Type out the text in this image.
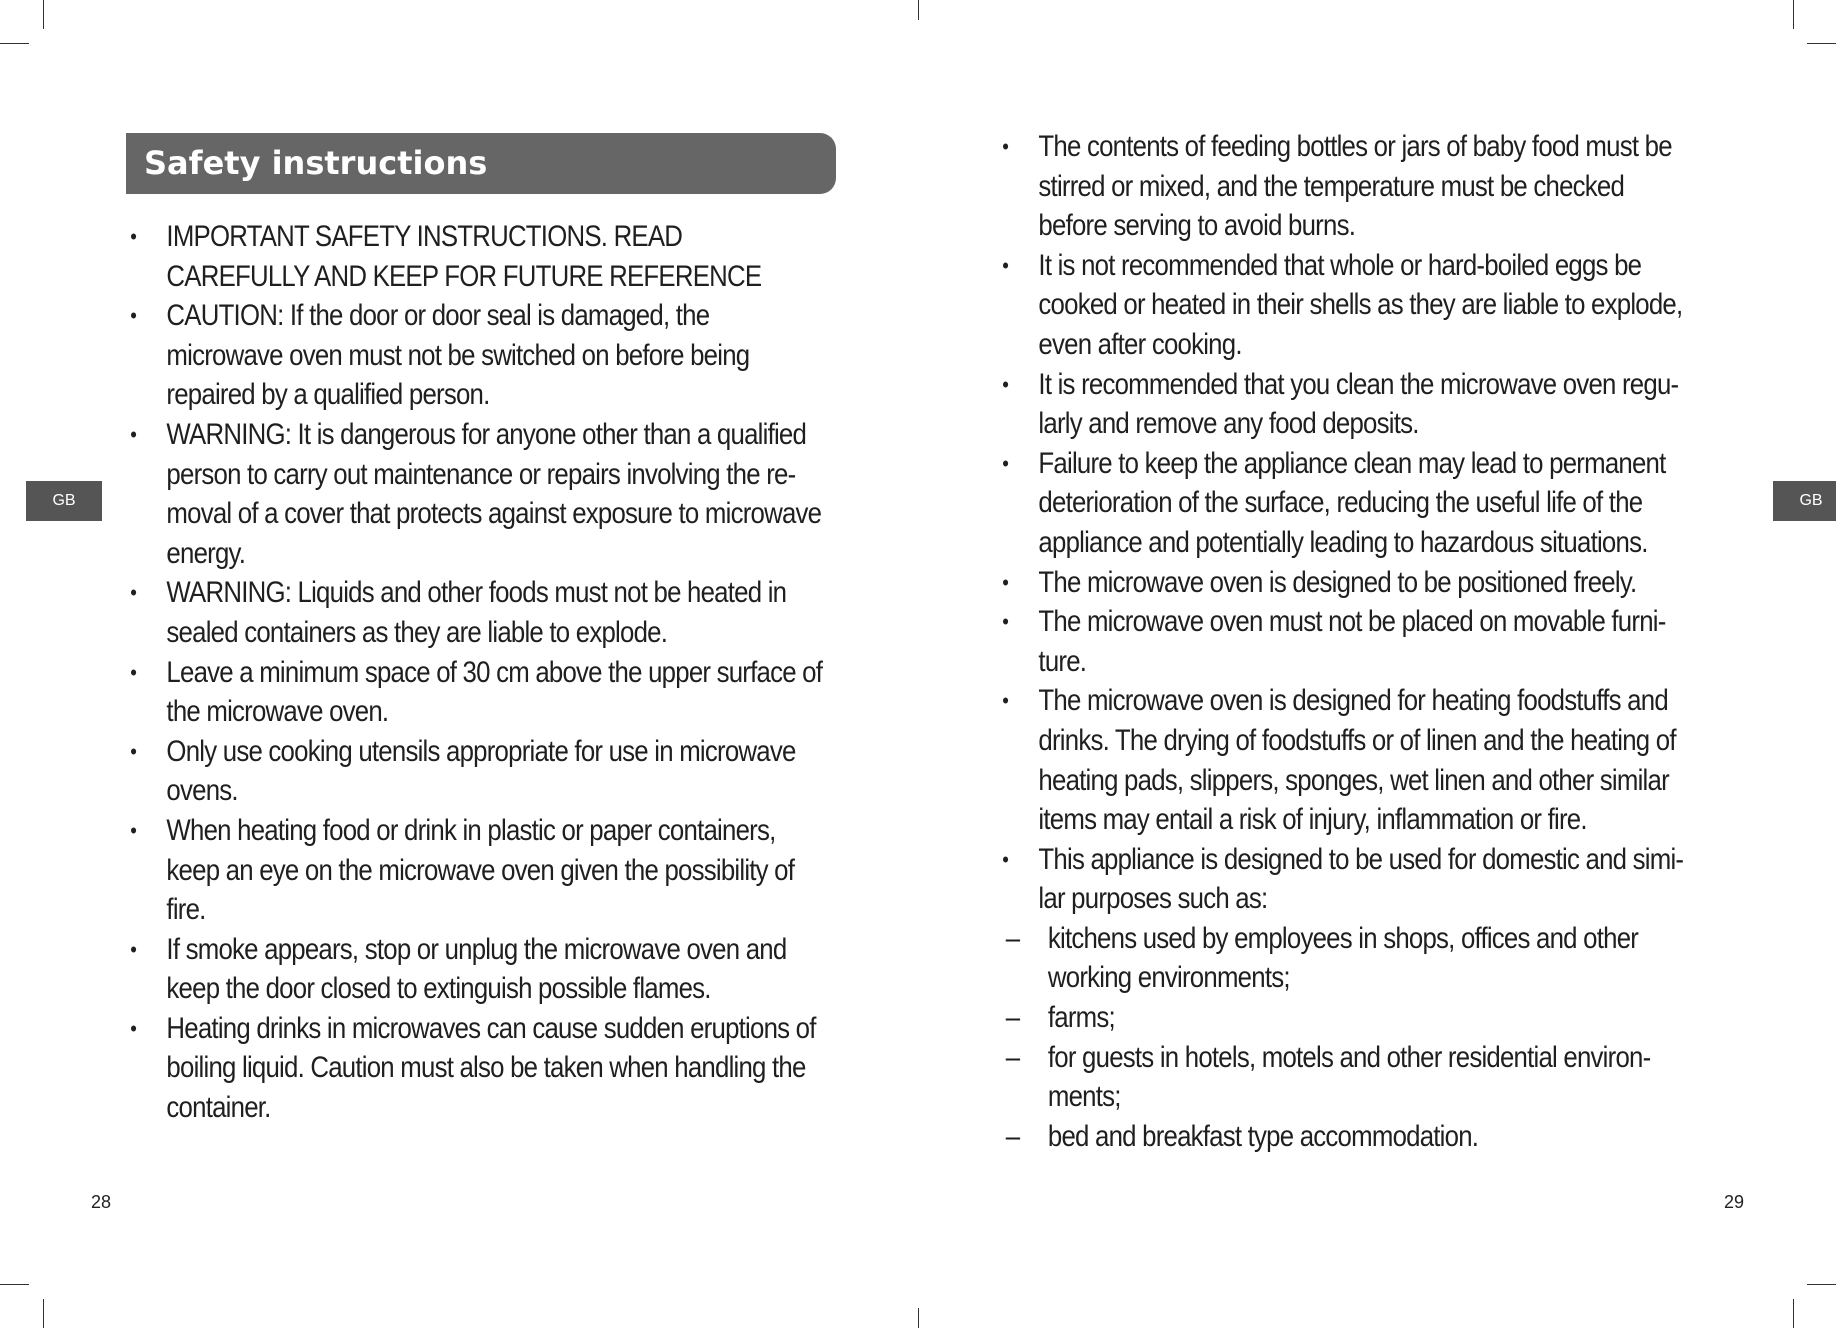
Safety instructions
• IMPORTANT SAFETY INSTRUCTIONS. READ CAREFULLY AND KEEP FOR FUTURE REFERENCE
• CAUTION: If the door or door seal is damaged, the microwave oven must not be switched on before being repaired by a qualified person.
• WARNING: It is dangerous for anyone other than a qualified person to carry out maintenance or repairs involving the re-moval of a cover that protects against exposure to microwave energy.
• WARNING: Liquids and other foods must not be heated in sealed containers as they are liable to explode.
• Leave a minimum space of 30 cm above the upper surface of the microwave oven.
• Only use cooking utensils appropriate for use in microwave ovens.
• When heating food or drink in plastic or paper containers, keep an eye on the microwave oven given the possibility of fire.
• If smoke appears, stop or unplug the microwave oven and keep the door closed to extinguish possible flames.
• Heating drinks in microwaves can cause sudden eruptions of boiling liquid. Caution must also be taken when handling the container.
GB
28
• The contents of feeding bottles or jars of baby food must be stirred or mixed, and the temperature must be checked before serving to avoid burns.
• It is not recommended that whole or hard-boiled eggs be cooked or heated in their shells as they are liable to explode, even after cooking.
• It is recommended that you clean the microwave oven regu-larly and remove any food deposits.
• Failure to keep the appliance clean may lead to permanent deterioration of the surface, reducing the useful life of the appliance and potentially leading to hazardous situations.
• The microwave oven is designed to be positioned freely.
• The microwave oven must not be placed on movable furni-ture.
• The microwave oven is designed for heating foodstuffs and drinks. The drying of foodstuffs or of linen and the heating of heating pads, slippers, sponges, wet linen and other similar items may entail a risk of injury, inflammation or fire.
• This appliance is designed to be used for domestic and simi-lar purposes such as:
– kitchens used by employees in shops, offices and other working environments;
– farms;
– for guests in hotels, motels and other residential environ-ments;
– bed and breakfast type accommodation.
GB
29
